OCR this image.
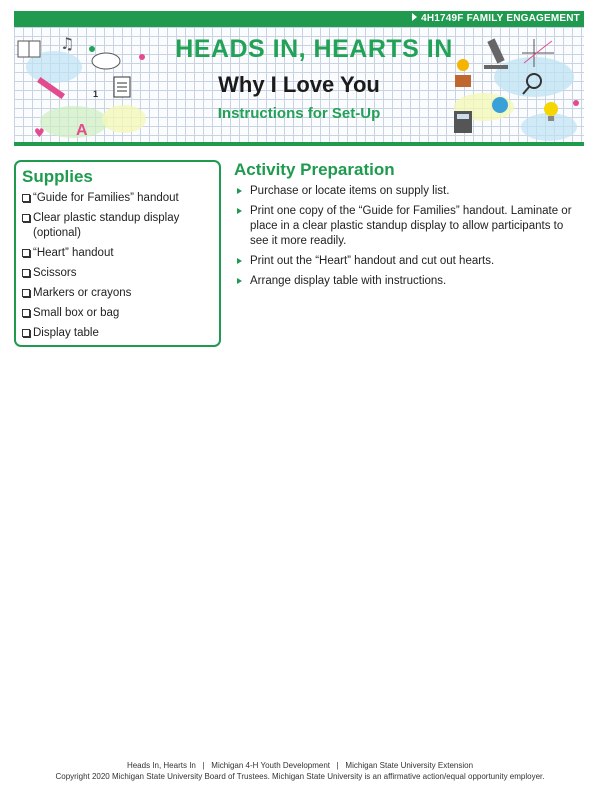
4H1749F FAMILY ENGAGEMENT
♫
1
A
♥
HEADS IN, HEARTS IN
Why I Love You
Instructions for Set-Up
Supplies
“Guide for Families” handout
Clear plastic standup display (optional)
“Heart” handout
Scissors
Markers or crayons
Small box or bag
Display table
Activity Preparation
Purchase or locate items on supply list.
Print one copy of the “Guide for Families” handout. Laminate or place in a clear plastic standup display to allow participants to see it more readily.
Print out the “Heart” handout and cut out hearts.
Arrange display table with instructions.
Heads In, Hearts In   |   Michigan 4-H Youth Development   |   Michigan State University Extension
Copyright 2020 Michigan State University Board of Trustees. Michigan State University is an affirmative action/equal opportunity employer.
